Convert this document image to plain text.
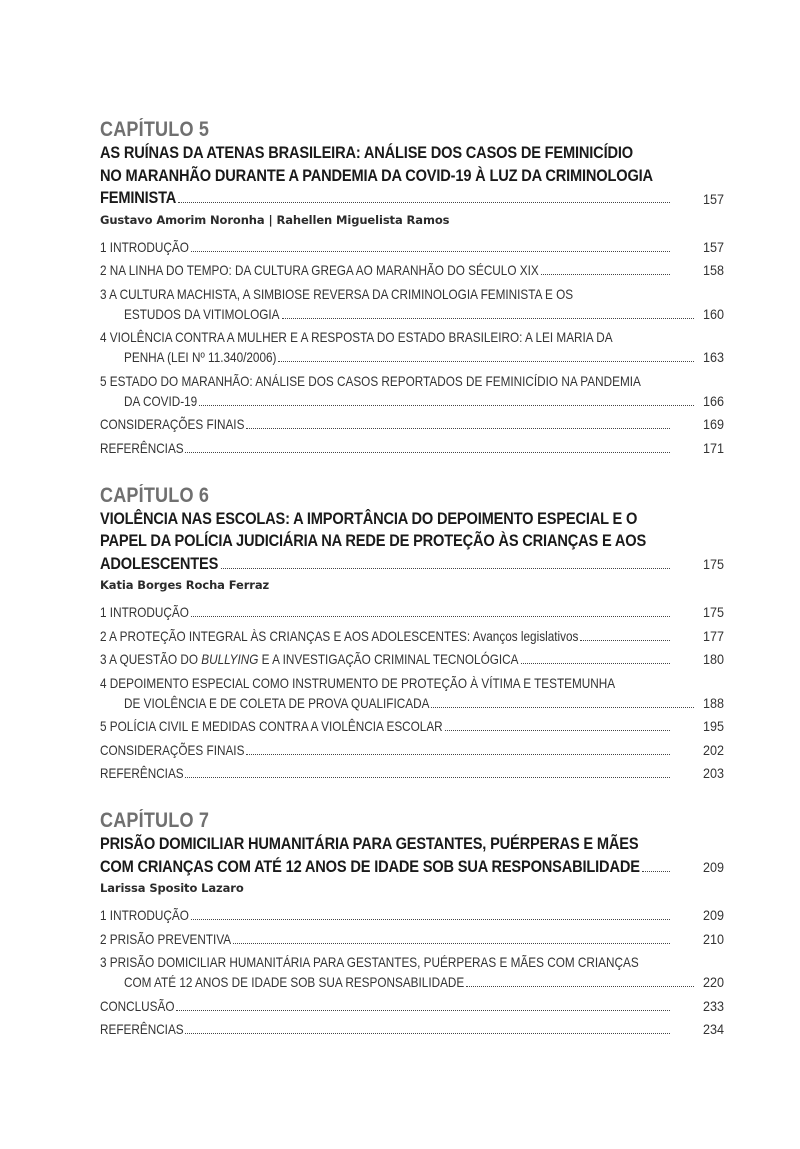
CAPÍTULO 5
AS RUÍNAS DA ATENAS BRASILEIRA: ANÁLISE DOS CASOS DE FEMINICÍDIO
NO MARANHÃO DURANTE A PANDEMIA DA COVID-19 À LUZ DA CRIMINOLOGIA
FEMINISTA	157
Gustavo Amorim Noronha | Rahellen Miguelista Ramos
1 INTRODUÇÃO	157
2 NA LINHA DO TEMPO: DA CULTURA GREGA AO MARANHÃO DO SÉCULO XIX	158
3 A CULTURA MACHISTA, A SIMBIOSE REVERSA DA CRIMINOLOGIA FEMINISTA E OS
ESTUDOS DA VITIMOLOGIA	160
4 VIOLÊNCIA CONTRA A MULHER E A RESPOSTA DO ESTADO BRASILEIRO: A LEI MARIA DA
PENHA (LEI Nº 11.340/2006)	163
5 ESTADO DO MARANHÃO: ANÁLISE DOS CASOS REPORTADOS DE FEMINICÍDIO NA PANDEMIA
DA COVID-19	166
CONSIDERAÇÕES FINAIS	169
REFERÊNCIAS	171
CAPÍTULO 6
VIOLÊNCIA NAS ESCOLAS: A IMPORTÂNCIA DO DEPOIMENTO ESPECIAL E O
PAPEL DA POLÍCIA JUDICIÁRIA NA REDE DE PROTEÇÃO ÀS CRIANÇAS E AOS
ADOLESCENTES	175
Katia Borges Rocha Ferraz
1 INTRODUÇÃO	175
2 A PROTEÇÃO INTEGRAL ÀS CRIANÇAS E AOS ADOLESCENTES: Avanços legislativos	177
3 A QUESTÃO DO BULLYING E A INVESTIGAÇÃO CRIMINAL TECNOLÓGICA	180
4 DEPOIMENTO ESPECIAL COMO INSTRUMENTO DE PROTEÇÃO À VÍTIMA E TESTEMUNHA
DE VIOLÊNCIA E DE COLETA DE PROVA QUALIFICADA	188
5 POLÍCIA CIVIL E MEDIDAS CONTRA A VIOLÊNCIA ESCOLAR	195
CONSIDERAÇÕES FINAIS	202
REFERÊNCIAS	203
CAPÍTULO 7
PRISÃO DOMICILIAR HUMANITÁRIA PARA GESTANTES, PUÉRPERAS E MÃES
COM CRIANÇAS COM ATÉ 12 ANOS DE IDADE SOB SUA RESPONSABILIDADE	209
Larissa Sposito Lazaro
1 INTRODUÇÃO	209
2 PRISÃO PREVENTIVA	210
3 PRISÃO DOMICILIAR HUMANITÁRIA PARA GESTANTES, PUÉRPERAS E MÃES COM CRIANÇAS
COM ATÉ 12 ANOS DE IDADE SOB SUA RESPONSABILIDADE	220
CONCLUSÃO	233
REFERÊNCIAS	234
